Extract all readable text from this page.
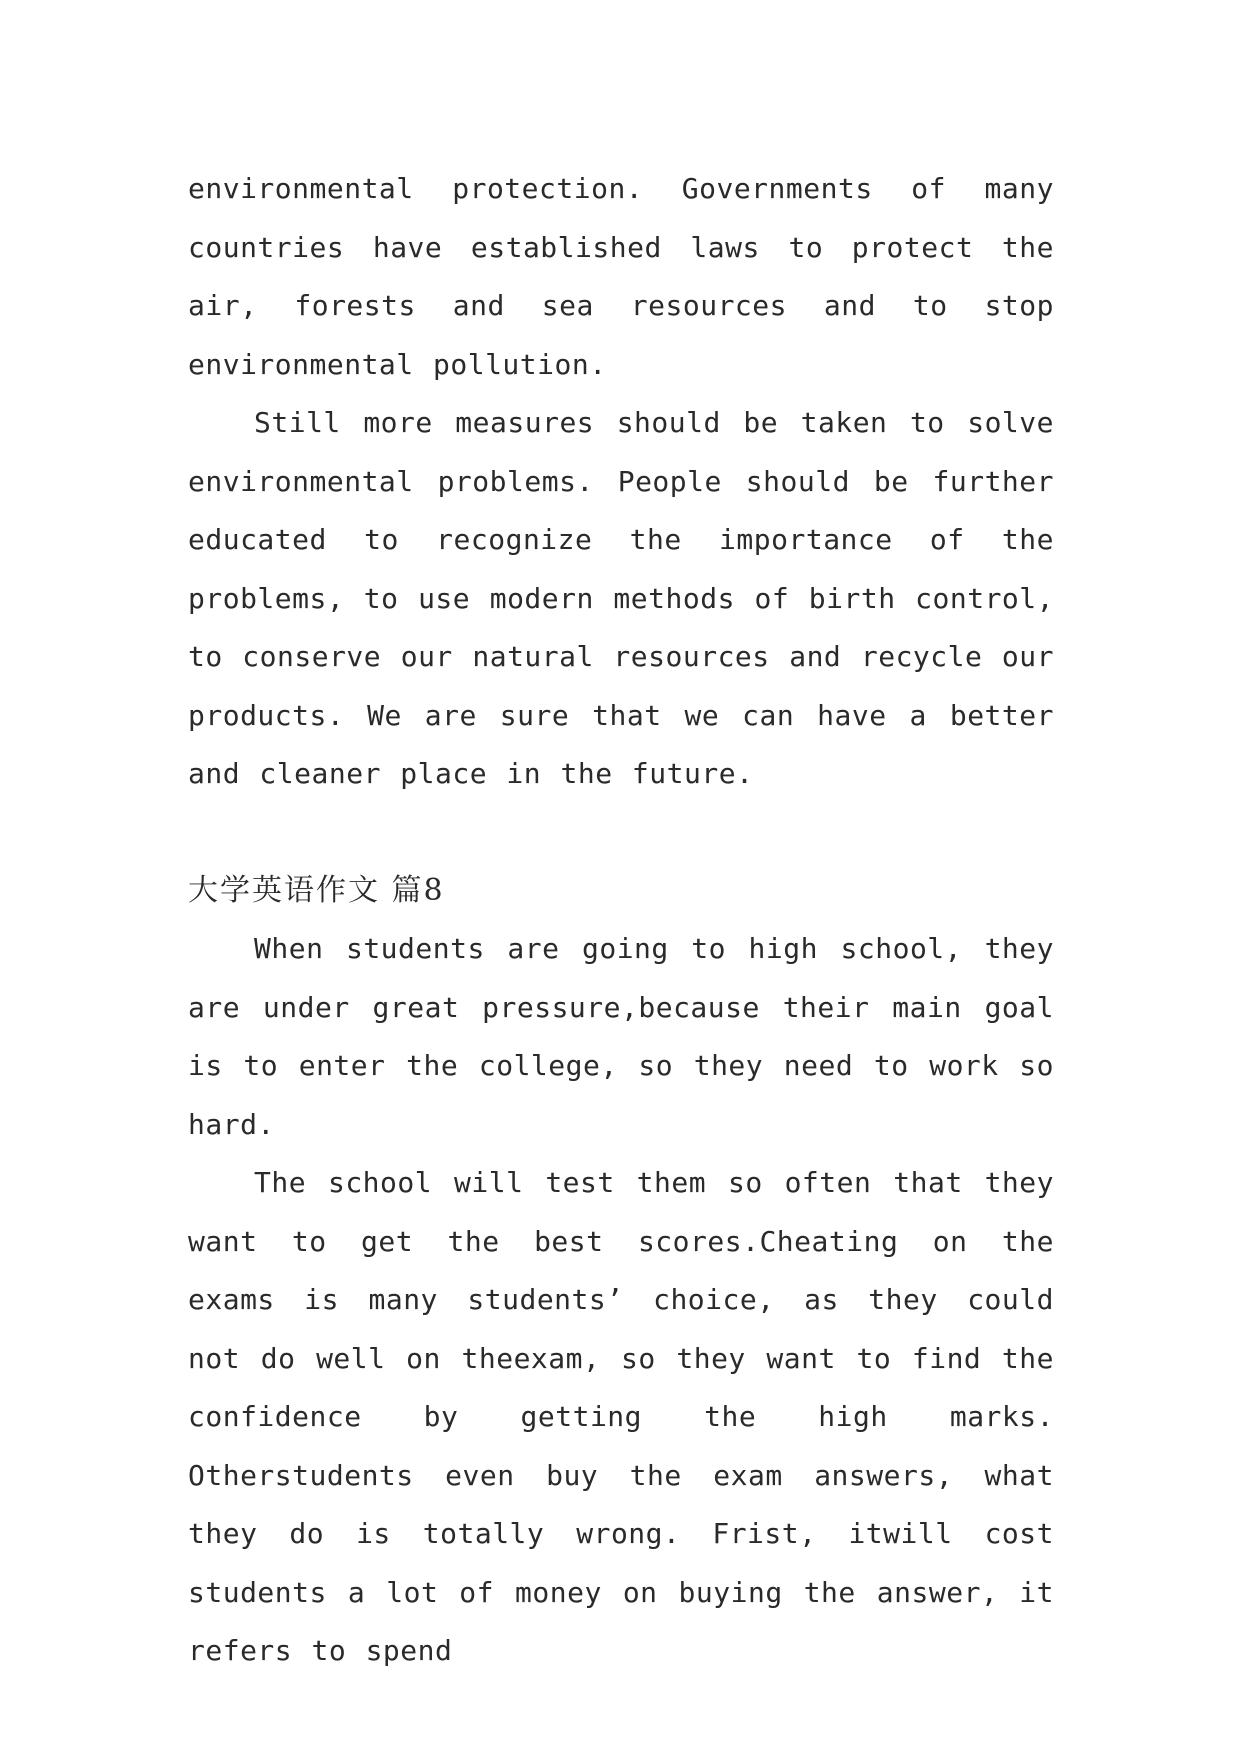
environmental protection. Governments of many countries have established laws to protect the air, forests and sea resources and to stop environmental pollution.

Still more measures should be taken to solve environmental problems. People should be further educated to recognize the importance of the problems, to use modern methods of birth control, to conserve our natural resources and recycle our products. We are sure that we can have a better and cleaner place in the future.

大学英语作文 篇8

When students are going to high school, they are under great pressure,because their main goal is to enter the college, so they need to work so hard.

The school will test them so often that they want to get the best scores.Cheating on the exams is many students’ choice, as they could not do well on theexam, so they want to find the confidence by getting the high marks. Otherstudents even buy the exam answers, what they do is totally wrong. Frist, itwill cost students a lot of money on buying the answer, it refers to spend
